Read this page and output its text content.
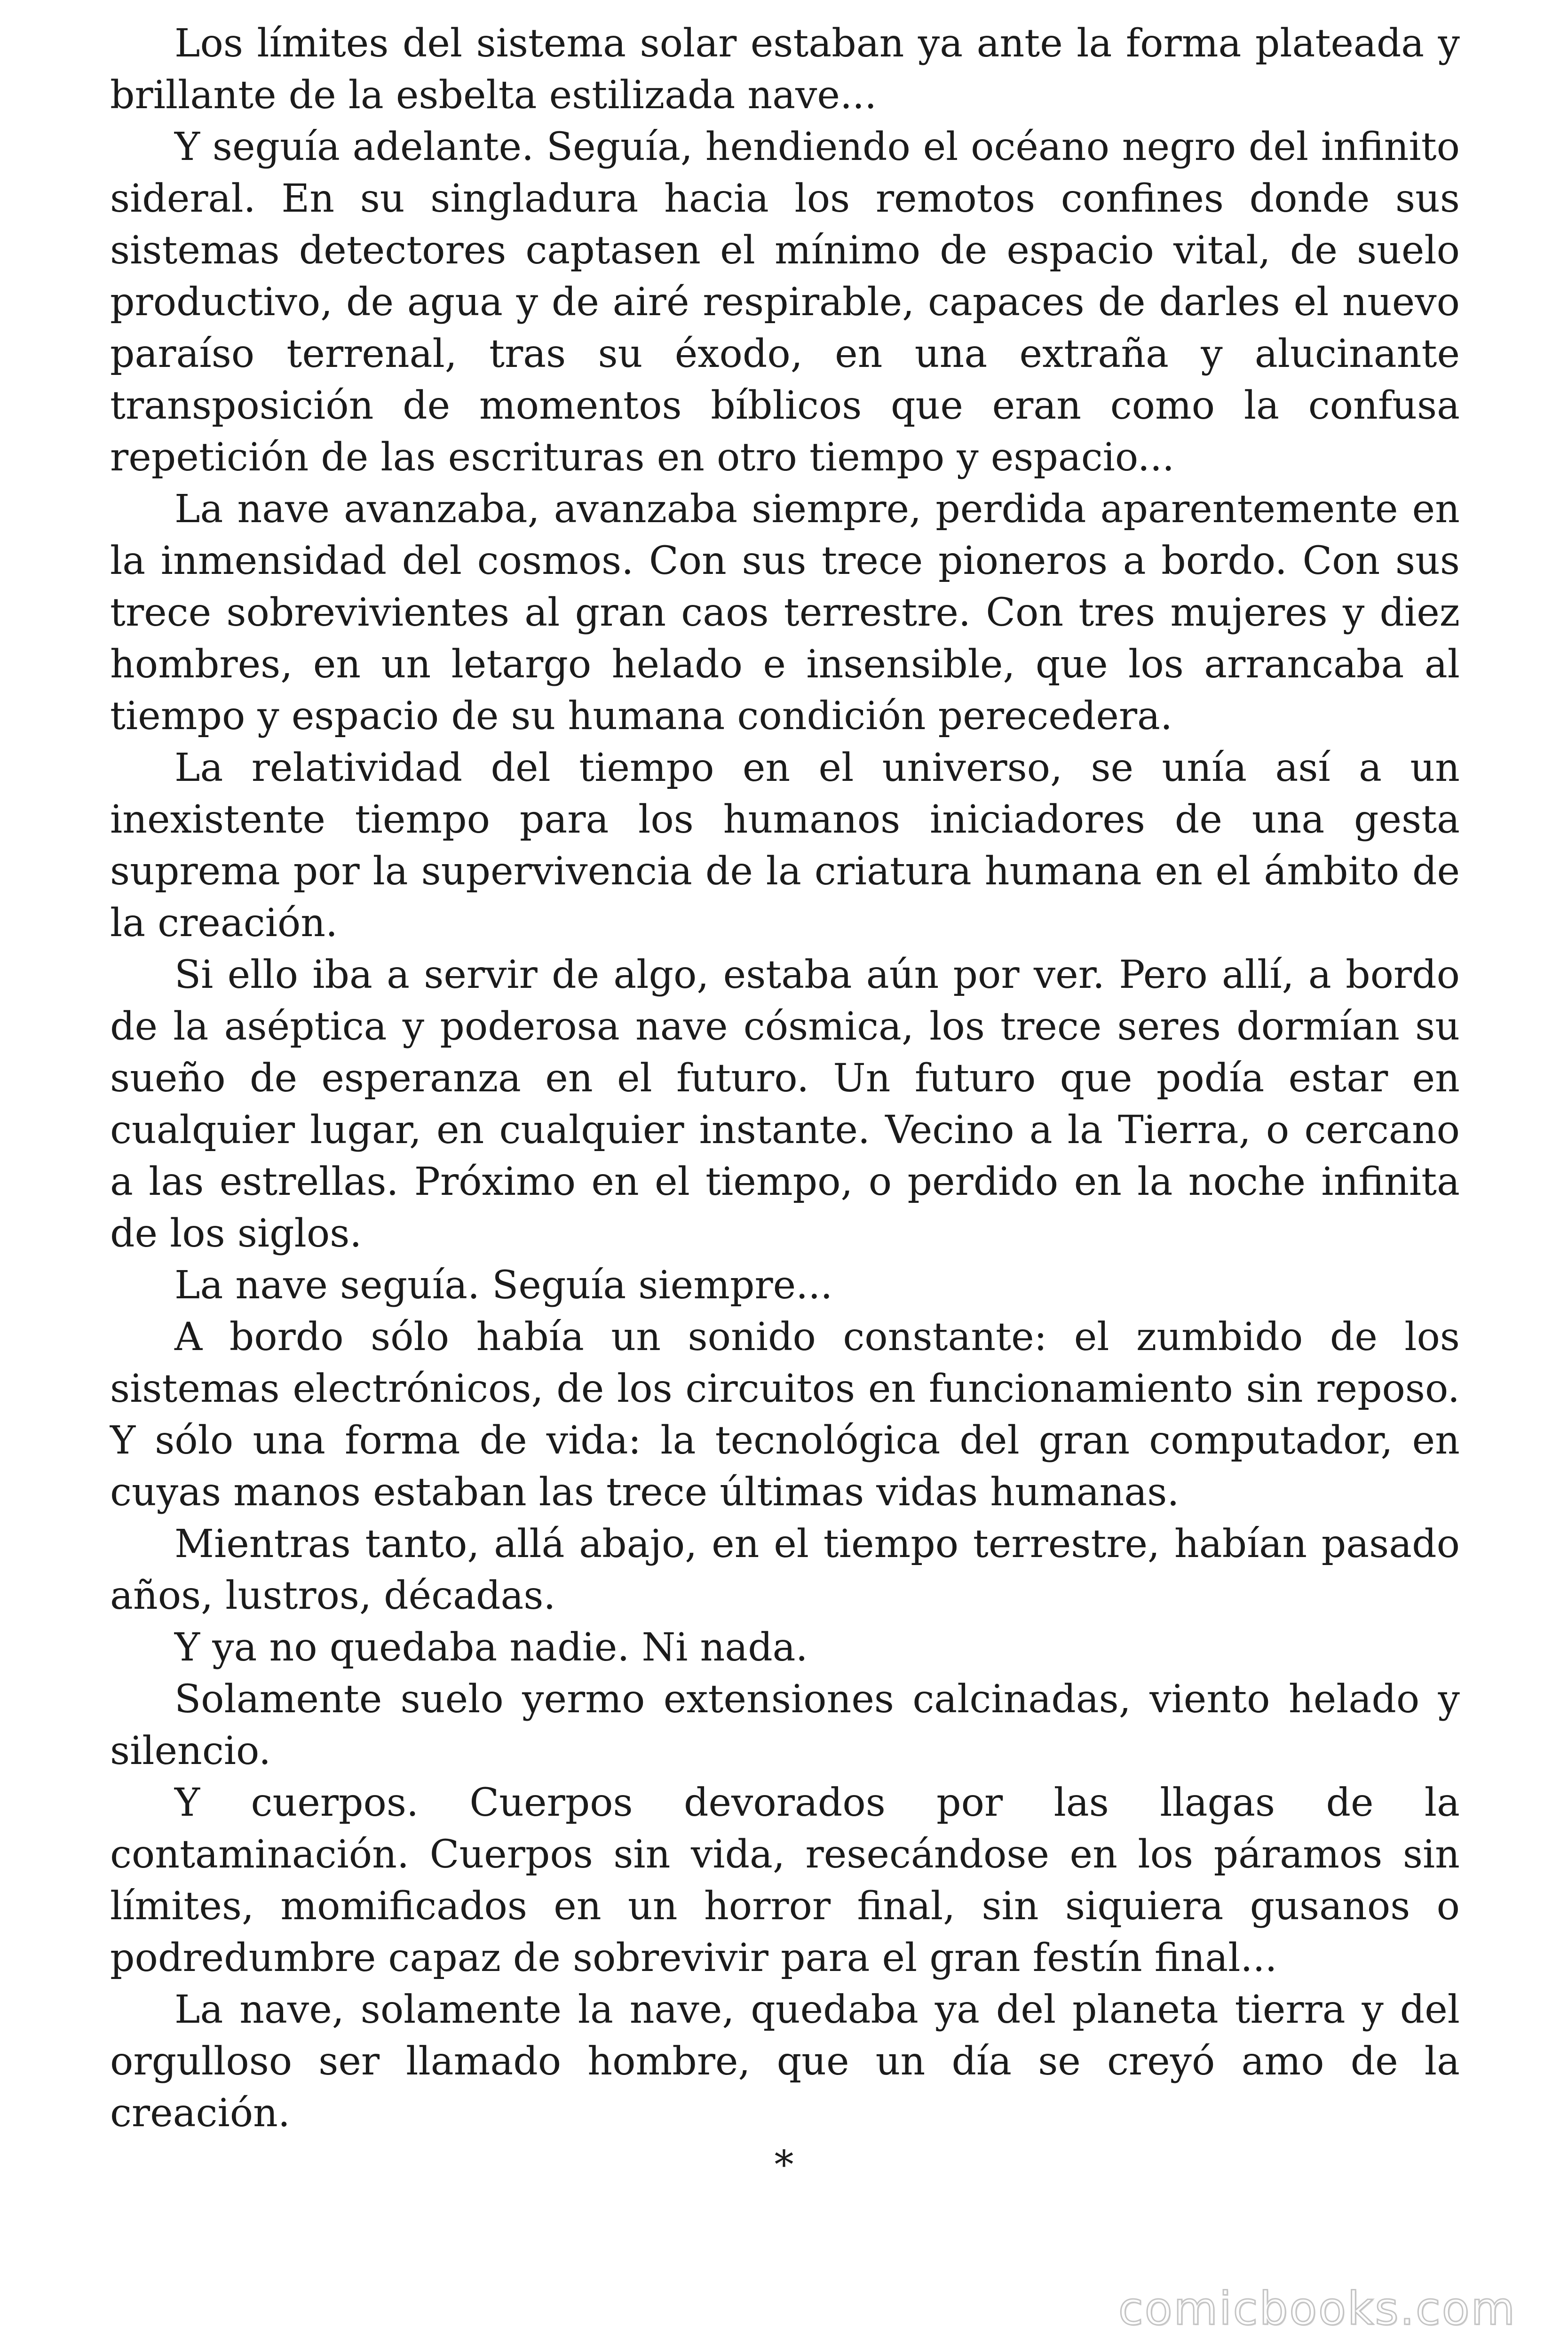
Los límites del sistema solar estaban ya ante la forma plateada y brillante de la esbelta estilizada nave...

Y seguía adelante. Seguía, hendiendo el océano negro del infinito sideral. En su singladura hacia los remotos confines donde sus sistemas detectores captasen el mínimo de espacio vital, de suelo productivo, de agua y de airé respirable, capaces de darles el nuevo paraíso terrenal, tras su éxodo, en una extraña y alucinante transposición de momentos bíblicos que eran como la confusa repetición de las escrituras en otro tiempo y espacio...

La nave avanzaba, avanzaba siempre, perdida aparentemente en la inmensidad del cosmos. Con sus trece pioneros a bordo. Con sus trece sobrevivientes al gran caos terrestre. Con tres mujeres y diez hombres, en un letargo helado e insensible, que los arrancaba al tiempo y espacio de su humana condición perecedera.

La relatividad del tiempo en el universo, se unía así a un inexistente tiempo para los humanos iniciadores de una gesta suprema por la supervivencia de la criatura humana en el ámbito de la creación.

Si ello iba a servir de algo, estaba aún por ver. Pero allí, a bordo de la aséptica y poderosa nave cósmica, los trece seres dormían su sueño de esperanza en el futuro. Un futuro que podía estar en cualquier lugar, en cualquier instante. Vecino a la Tierra, o cercano a las estrellas. Próximo en el tiempo, o perdido en la noche infinita de los siglos.

La nave seguía. Seguía siempre...

A bordo sólo había un sonido constante: el zumbido de los sistemas electrónicos, de los circuitos en funcionamiento sin reposo. Y sólo una forma de vida: la tecnológica del gran computador, en cuyas manos estaban las trece últimas vidas humanas.

Mientras tanto, allá abajo, en el tiempo terrestre, habían pasado años, lustros, décadas.

Y ya no quedaba nadie. Ni nada.

Solamente suelo yermo extensiones calcinadas, viento helado y silencio.

Y cuerpos. Cuerpos devorados por las llagas de la contaminación. Cuerpos sin vida, resecándose en los páramos sin límites, momificados en un horror final, sin siquiera gusanos o podredumbre capaz de sobrevivir para el gran festín final...

La nave, solamente la nave, quedaba ya del planeta tierra y del orgulloso ser llamado hombre, que un día se creyó amo de la creación.

*
comicbooks.com
